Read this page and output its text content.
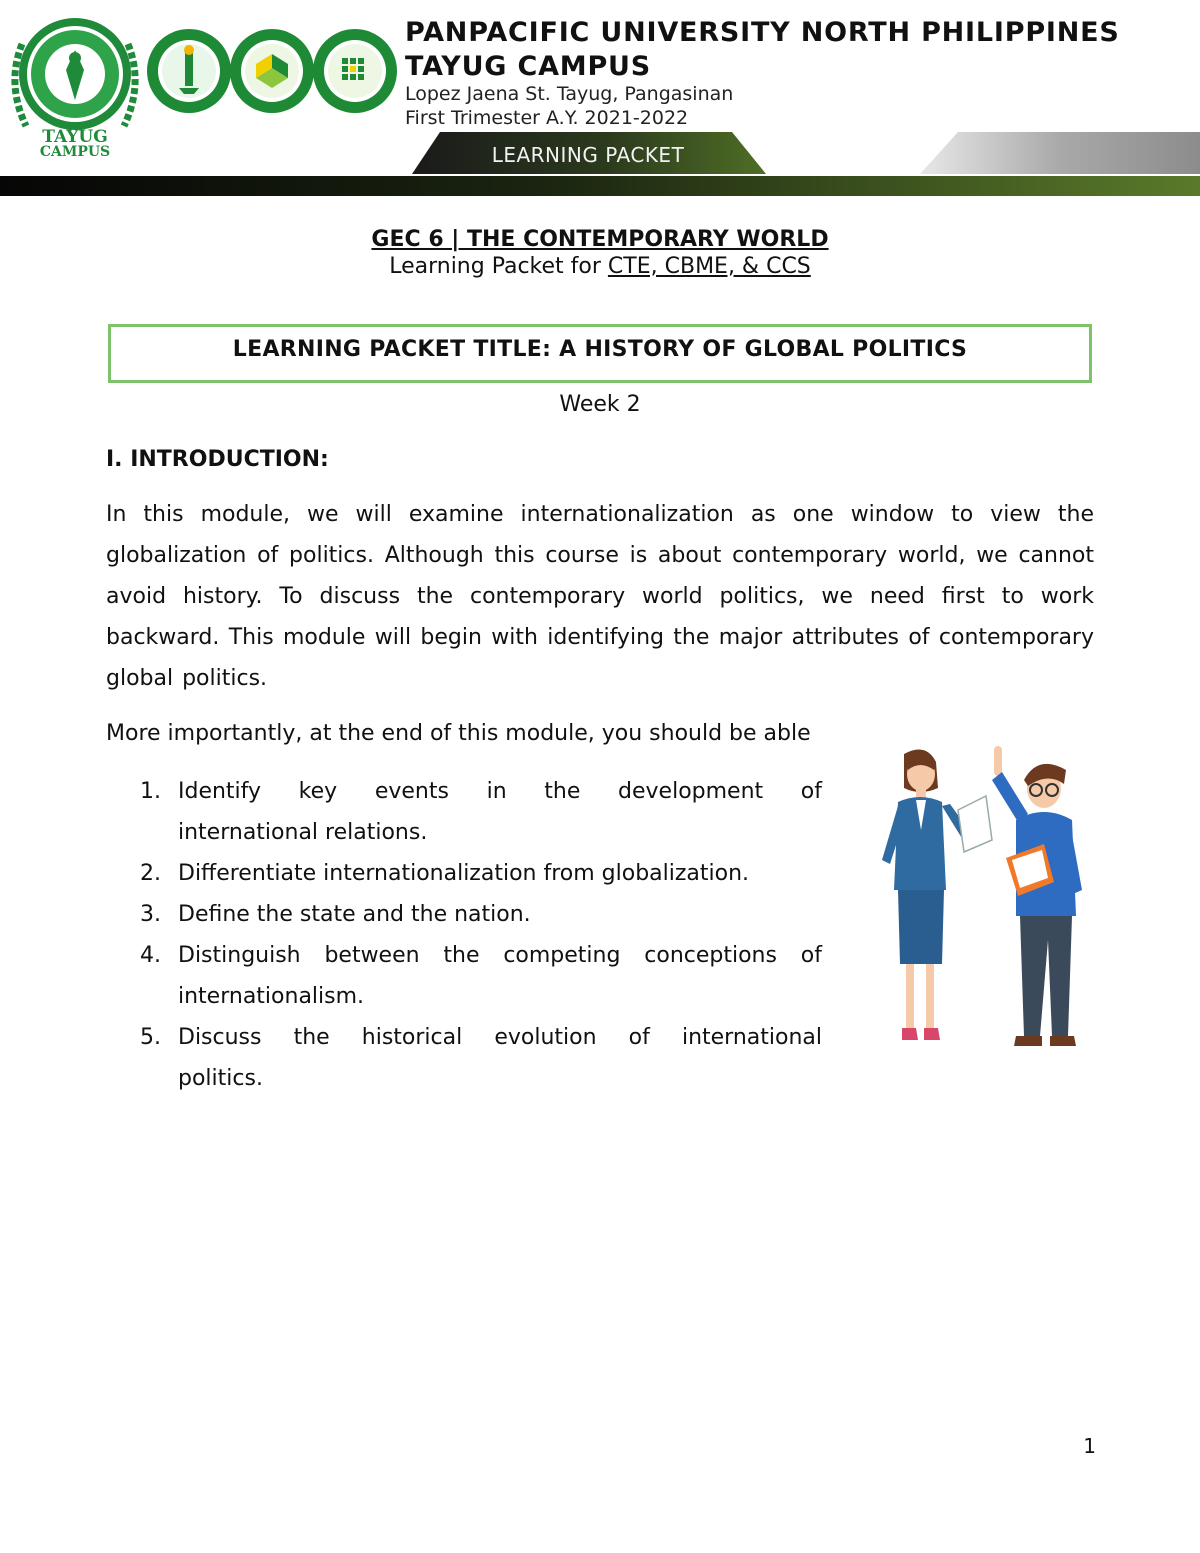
TAYUG
CAMPUS
PANPACIFIC UNIVERSITY NORTH PHILIPPINES
TAYUG CAMPUS
Lopez Jaena St. Tayug, Pangasinan
First Trimester A.Y. 2021-2022
LEARNING PACKET
GEC 6 | THE CONTEMPORARY WORLD
Learning Packet for CTE, CBME, & CCS
LEARNING PACKET TITLE: A HISTORY OF GLOBAL POLITICS
Week 2
I. INTRODUCTION:

In this module, we will examine internationalization as one window to view the globalization of politics. Although this course is about contemporary world, we cannot avoid history. To discuss the contemporary world politics, we need first to work backward. This module will begin with identifying the major attributes of contemporary global politics.

More importantly, at the end of this module, you should be able
1. Identify key events in the development of
international relations.
2. Differentiate internationalization from globalization.
3. Define the state and the nation.
4. Distinguish between the competing conceptions of
internationalism.
5. Discuss the historical evolution of international
politics.
1
